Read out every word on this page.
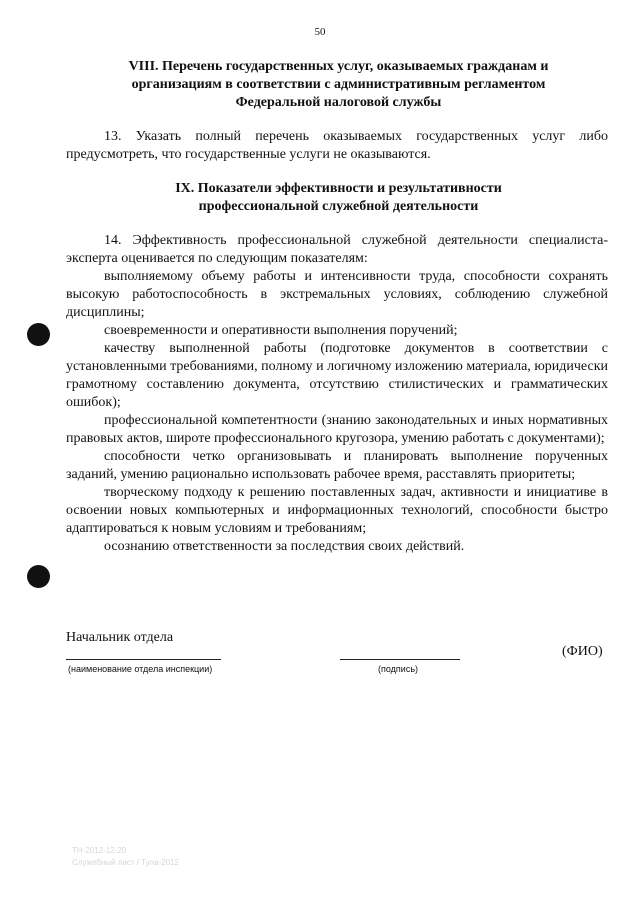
50
VIII. Перечень государственных услуг, оказываемых гражданам и
организациям в соответствии с административным регламентом
Федеральной налоговой службы

13. Указать полный перечень оказываемых государственных услуг либо предусмотреть, что государственные услуги не оказываются.

IX. Показатели эффективности и результативности
профессиональной служебной деятельности

14. Эффективность профессиональной служебной деятельности специалиста-эксперта оценивается по следующим показателям:

выполняемому объему работы и интенсивности труда, способности сохранять высокую работоспособность в экстремальных условиях, соблюдению служебной дисциплины;

своевременности и оперативности выполнения поручений;

качеству выполненной работы (подготовке документов в соответствии с установленными требованиями, полному и логичному изложению материала, юридически грамотному составлению документа, отсутствию стилистических и грамматических ошибок);

профессиональной компетентности (знанию законодательных и иных нормативных правовых актов, широте профессионального кругозора, умению работать с документами);

способности четко организовывать и планировать выполнение порученных заданий, умению рационально использовать рабочее время, расставлять приоритеты;

творческому подходу к решению поставленных задач, активности и инициативе в освоении новых компьютерных и информационных технологий, способности быстро адаптироваться к новым условиям и требованиям;

осознанию ответственности за последствия своих действий.

Начальник отдела
(наименование отдела инспекции)	(подпись)
(ФИО)
ТН-2012-12-20
Служебный лист / Тула-2012
